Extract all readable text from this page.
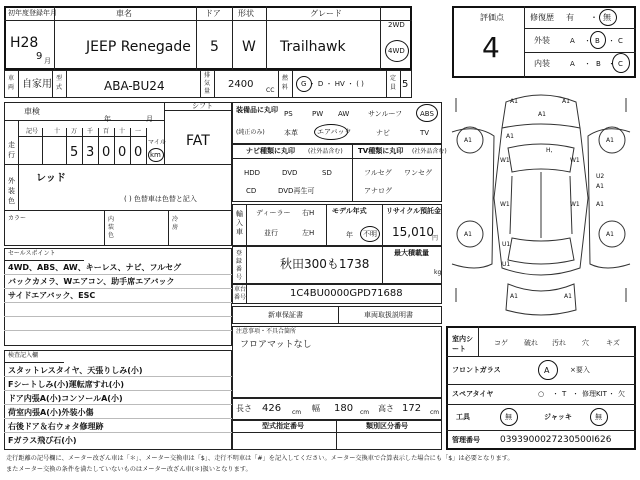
初年度登録年月
H28
9 月
車名
JEEP Renegade
ドア
5
形状
W
グレード
Trailhawk
2WD
4WD
車両 自家用
型式	ABA-BU24
排気量
2400
CC
燃料 G ・ D ・ HV ・ ( )
定員 5
評価点
4
修復歴 有 ・ 無
外装	A ・ B ・ C
内装	A ・ B ・ C
車検
年	月
シフト
FAT
走行
記号	十 万 千 百 十 一
5 3 0 0 0
マイル
km
外装色
レッド
( ) 色替車は色替と記入
カラー	内装色
冷房
装備品に丸印
(純正のみ)
PS	PW AW	サンルーフ	ABS
本革	エアバック	ナビ	TV
ナビ種類に丸印 (社外品含む)
HDD	DVD	SD
CD	DVD再生可
TV種類に丸印 (社外品含む)
フルセグ ワンセグ
アナログ
輸入車
ディーラー 右H
並行	左H
モデル年式
年 不明
リサイクル預託金
15,010
円
登録番号
秋田300も1738
最大積載量
kg
車台番号	1C4BU0000GPD71688
新車保証書	車両取扱説明書
注意事項・不具合箇所
フロアマットなし
長さ 426 cm 幅 180 cm 高さ 172 cm
型式指定番号	類別区分番号
セールスポイント
4WD、ABS、AW、キーレス、ナビ、フルセグ
バックカメラ、Wエアコン、助手席エアバック
サイドエアバック、ESC
検査記入欄
スタットレスタイヤ、天張りしみ(小)
Fシートしみ(小)運転席すれ(小)
ドア内張A(小)コンソールA(小)
荷室内張A(小)外装小傷
右後ドア＆右ウォタ修理跡
Fガラス飛び石(小)
A1	A1
A1
A1
W1	W1
W1	W1
A1	A1
U2
A1
A1	A1
A1
U1
U1
A1	A1
H,
室内シート
コゲ 破れ 汚れ 穴 キズ
フロントガラス	A	×要入
スペアタイヤ	○ ・ T ・ 修理KIT ・ 欠
工具	無	ジャッキ	無
管理番号 0393900027230500I626
走行距離の記号欄に、メーター改ざん車は「＊」、メーター交換車は「$」、走行不明車は「#」を記入してください。メーター交換車で合算表示した場合にも「$」は必要となります。
またメーター交換の条件を満たしていないものはメーター改ざん車(＊)扱いとなります。
